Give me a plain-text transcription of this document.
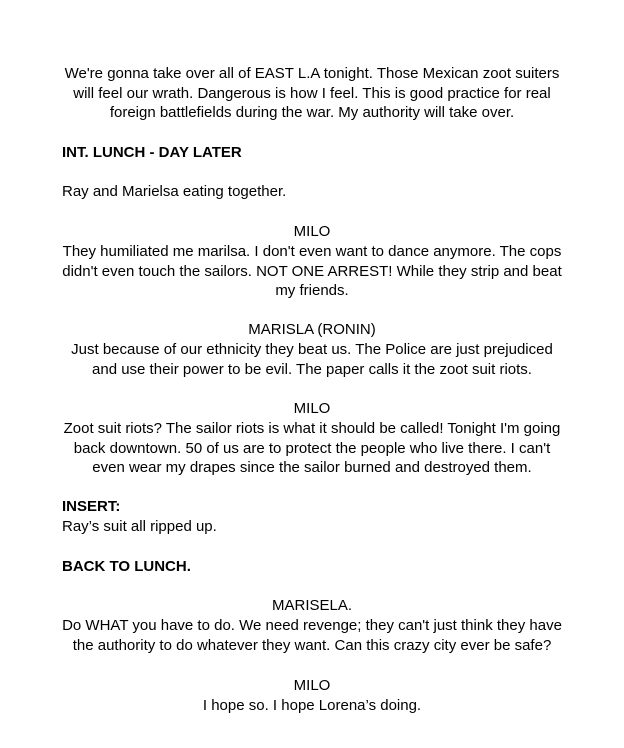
We're gonna take over all of EAST L.A tonight. Those Mexican zoot suiters will feel our wrath. Dangerous is how I feel. This is good practice for real foreign battlefields during the war. My authority will take over.

INT. LUNCH - DAY LATER

Ray and Marielsa eating together.

MILO

They humiliated me marilsa. I don't even want to dance anymore. The cops didn't even touch the sailors. NOT ONE ARREST! While they strip and beat my friends.

MARISLA (RONIN)

Just because of our ethnicity they beat us. The Police are just prejudiced and use their power to be evil. The paper calls it the zoot suit riots.

MILO

Zoot suit riots? The sailor riots is what it should be called! Tonight I'm going back downtown. 50 of us are to protect the people who live there. I can't even wear my drapes since the sailor burned and destroyed them.

INSERT:

Ray’s suit all ripped up.

BACK TO LUNCH.

MARISELA.

Do WHAT you have to do. We need revenge; they can't just think they have the authority to do whatever they want. Can this crazy city ever be safe?

MILO

I hope so. I hope Lorena’s doing.
